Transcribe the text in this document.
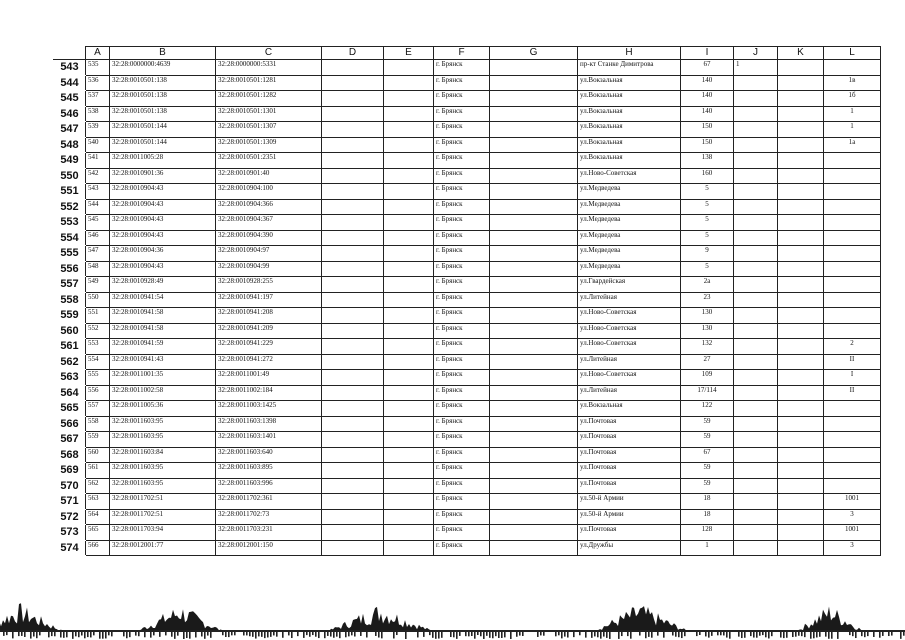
	A	B	C	D	E	F	G	H	I	J	K	L
543	535	32:28:0000000:4639	32:28:0000000:5331			г. Брянск		пр-кт Станке Димитрова	67	1		
544	536	32:28:0010501:138	32:28:0010501:1281			г. Брянск		ул.Вокзальная	140			1в
545	537	32:28:0010501:138	32:28:0010501:1282			г. Брянск		ул.Вокзальная	140			1б
546	538	32:28:0010501:138	32:28:0010501:1301			г. Брянск		ул.Вокзальная	140			1
547	539	32:28:0010501:144	32:28:0010501:1307			г. Брянск		ул.Вокзальная	150			1
548	540	32:28:0010501:144	32:28:0010501:1309			г. Брянск		ул.Вокзальная	150			1а
549	541	32:28:0011005:28	32:28:0010501:2351			г. Брянск		ул.Вокзальная	138			
550	542	32:28:0010901:36	32:28:0010901:40			г. Брянск		ул.Ново-Советская	160			
551	543	32:28:0010904:43	32:28:0010904:100			г. Брянск		ул.Медведева	5			
552	544	32:28:0010904:43	32:28:0010904:366			г. Брянск		ул.Медведева	5			
553	545	32:28:0010904:43	32:28:0010904:367			г. Брянск		ул.Медведева	5			
554	546	32:28:0010904:43	32:28:0010904:390			г. Брянск		ул.Медведева	5			
555	547	32:28:0010904:36	32:28:0010904:97			г. Брянск		ул.Медведева	9			
556	548	32:28:0010904:43	32:28:0010904:99			г. Брянск		ул.Медведева	5			
557	549	32:28:0010928:49	32:28:0010928:255			г. Брянск		ул.Гвардейская	2а			
558	550	32:28:0010941:54	32:28:0010941:197			г. Брянск		ул.Литейная	23			
559	551	32:28:0010941:58	32:28:0010941:208			г. Брянск		ул.Ново-Советская	130			
560	552	32:28:0010941:58	32:28:0010941:209			г. Брянск		ул.Ново-Советская	130			
561	553	32:28:0010941:59	32:28:0010941:229			г. Брянск		ул.Ново-Советская	132			2
562	554	32:28:0010941:43	32:28:0010941:272			г. Брянск		ул.Литейная	27			II
563	555	32:28:0011001:35	32:28:0011001:49			г. Брянск		ул.Ново-Советская	109			I
564	556	32:28:0011002:58	32:28:0011002:184			г. Брянск		ул.Литейная	17/114			II
565	557	32:28:0011005:36	32:28:0011003:1425			г. Брянск		ул.Вокзальная	122			
566	558	32:28:0011603:95	32:28:0011603:1398			г. Брянск		ул.Почтовая	59			
567	559	32:28:0011603:95	32:28:0011603:1401			г. Брянск		ул.Почтовая	59			
568	560	32:28:0011603:84	32:28:0011603:640			г. Брянск		ул.Почтовая	67			
569	561	32:28:0011603:95	32:28:0011603:895			г. Брянск		ул.Почтовая	59			
570	562	32:28:0011603:95	32:28:0011603:996			г. Брянск		ул.Почтовая	59			
571	563	32:28:0011702:51	32:28:0011702:361			г. Брянск		ул.50-й Армии	18			1001
572	564	32:28:0011702:51	32:28:0011702:73			г. Брянск		ул.50-й Армии	18			3
573	565	32:28:0011703:94	32:28:0011703:231			г. Брянск		ул.Почтовая	128			1001
574	566	32:28:0012001:77	32:28:0012001:150			г. Брянск		ул.Дружбы	1			3
